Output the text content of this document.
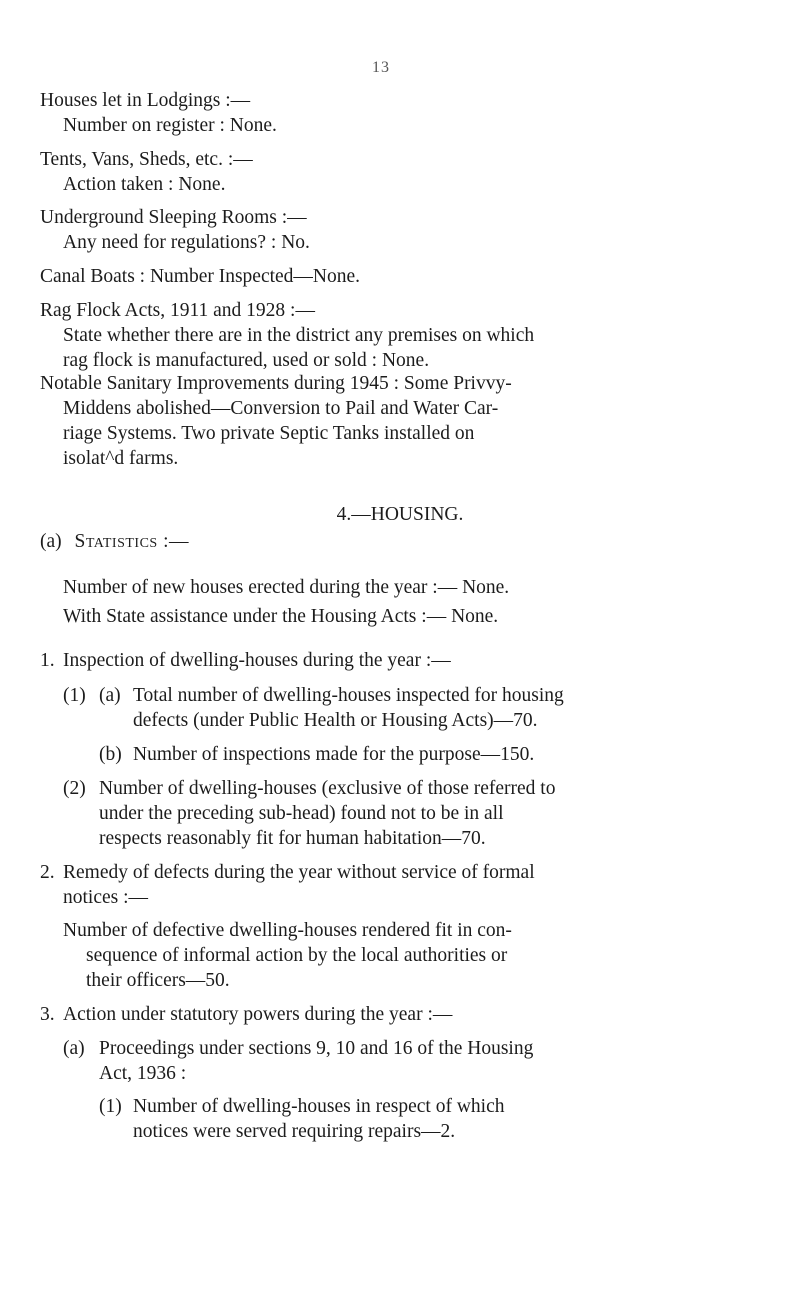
13
Houses let in Lodgings :—
Number on register : None.
Tents, Vans, Sheds, etc. :—
Action taken : None.
Underground Sleeping Rooms :—
Any need for regulations? : No.
Canal Boats : Number Inspected—None.
Rag Flock Acts, 1911 and 1928 :—
State whether there are in the district any premises on which
rag flock is manufactured, used or sold : None.
Notable Sanitary Improvements during 1945 : Some Privvy-
Middens abolished—Conversion to Pail and Water Car-
riage Systems. Two private Septic Tanks installed on
isolat^d farms.
4.—HOUSING.
(a) Statistics :—
Number of new houses erected during the year :— None.
With State assistance under the Housing Acts :— None.
1. Inspection of dwelling-houses during the year :—
(1) (a) Total number of dwelling-houses inspected for housing
defects (under Public Health or Housing Acts)—70.
(b) Number of inspections made for the purpose—150.
(2) Number of dwelling-houses (exclusive of those referred to
under the preceding sub-head) found not to be in all
respects reasonably fit for human habitation—70.
2. Remedy of defects during the year without service of formal
notices :—
Number of defective dwelling-houses rendered fit in con-
sequence of informal action by the local authorities or
their officers—50.
3. Action under statutory powers during the year :—
(a) Proceedings under sections 9, 10 and 16 of the Housing
Act, 1936 :
(1) Number of dwelling-houses in respect of which
notices were served requiring repairs—2.
